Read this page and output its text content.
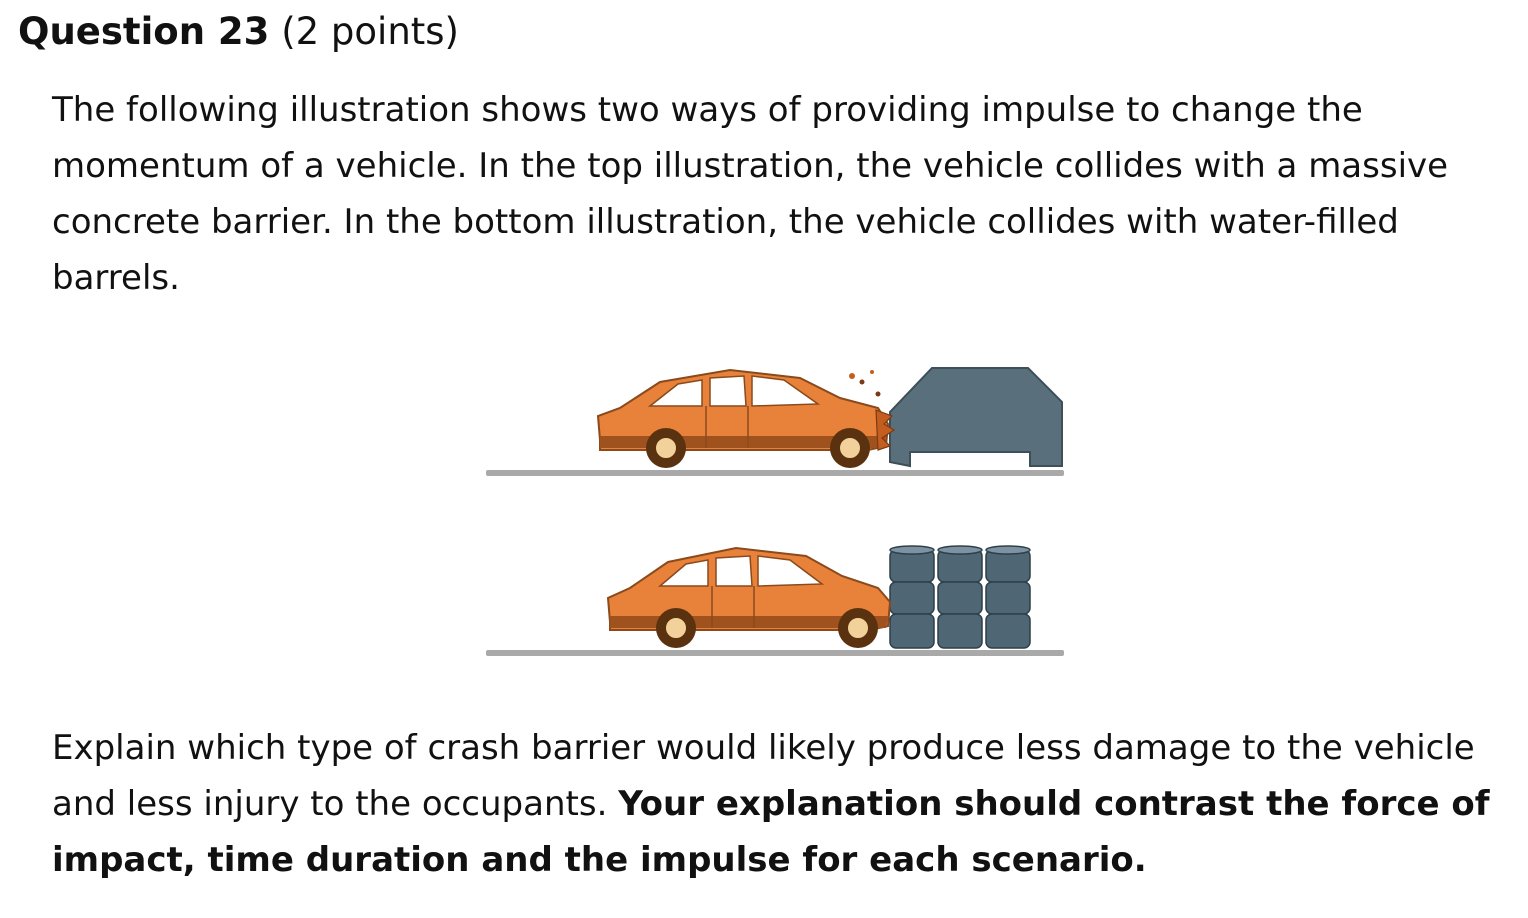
Question 23 (2 points)

The following illustration shows two ways of providing impulse to change the momentum of a vehicle. In the top illustration, the vehicle collides with a massive concrete barrier. In the bottom illustration, the vehicle collides with water-filled barrels.

Explain which type of crash barrier would likely produce less damage to the vehicle and less injury to the occupants. Your explanation should contrast the force of impact, time duration and the impulse for each scenario.
